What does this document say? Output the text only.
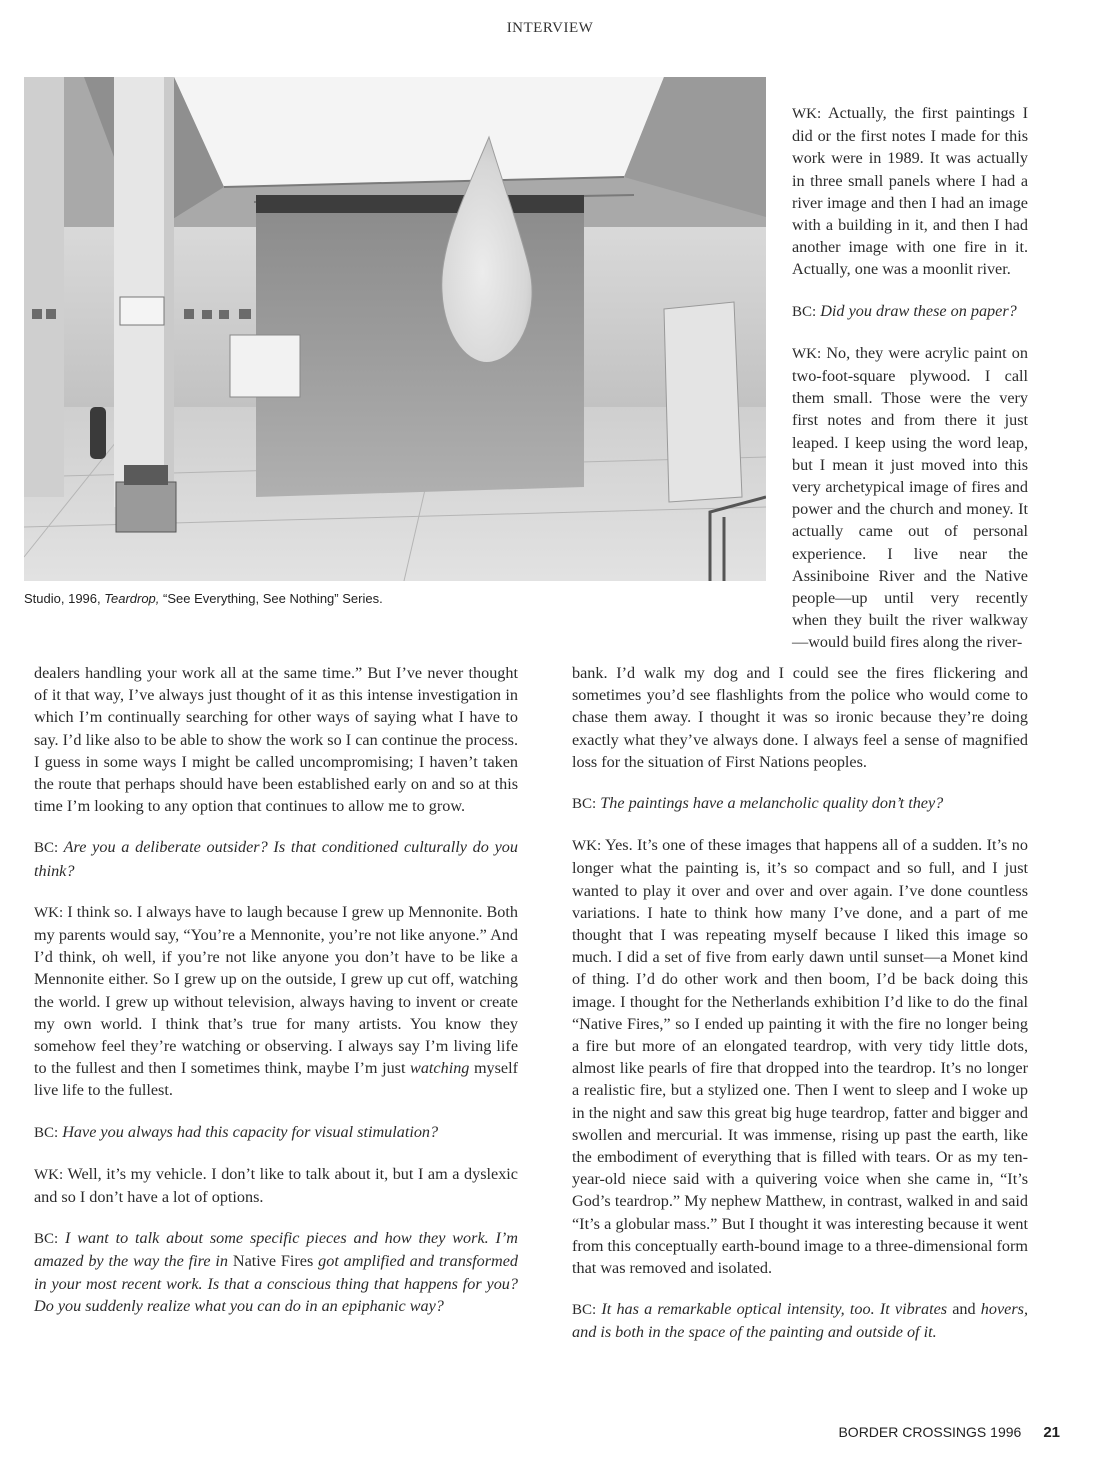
INTERVIEW
Studio, 1996, Teardrop, “See Everything, See Nothing” Series.

WK: Actually, the first paintings I did or the first notes I made for this work were in 1989. It was actually in three small panels where I had a river image and then I had an image with a building in it, and then I had another image with one fire in it. Actually, one was a moonlit river.

BC: Did you draw these on paper?

WK: No, they were acrylic paint on two-foot-square plywood. I call them small. Those were the very first notes and from there it just leaped. I keep using the word leap, but I mean it just moved into this very archetypical image of fires and power and the church and money. It actually came out of personal experience. I live near the Assiniboine River and the Native people—up until very recently when they built the river walkway—would build fires along the river-

dealers handling your work all at the same time.” But I’ve never thought of it that way, I’ve always just thought of it as this intense investigation in which I’m continually searching for other ways of saying what I have to say. I’d like also to be able to show the work so I can continue the process. I guess in some ways I might be called uncompromising; I haven’t taken the route that perhaps should have been established early on and so at this time I’m looking to any option that continues to allow me to grow.

BC: Are you a deliberate outsider? Is that conditioned culturally do you think?

WK: I think so. I always have to laugh because I grew up Mennonite. Both my parents would say, “You’re a Mennonite, you’re not like anyone.” And I’d think, oh well, if you’re not like anyone you don’t have to be like a Mennonite either. So I grew up on the outside, I grew up cut off, watching the world. I grew up without television, always having to invent or create my own world. I think that’s true for many artists. You know they somehow feel they’re watching or observing. I always say I’m living life to the fullest and then I sometimes think, maybe I’m just watching myself live life to the fullest.

BC: Have you always had this capacity for visual stimulation?

WK: Well, it’s my vehicle. I don’t like to talk about it, but I am a dyslexic and so I don’t have a lot of options.

BC: I want to talk about some specific pieces and how they work. I’m amazed by the way the fire in Native Fires got amplified and transformed in your most recent work. Is that a conscious thing that happens for you? Do you suddenly realize what you can do in an epiphanic way?

bank. I’d walk my dog and I could see the fires flickering and sometimes you’d see flashlights from the police who would come to chase them away. I thought it was so ironic because they’re doing exactly what they’ve always done. I always feel a sense of magnified loss for the situation of First Nations peoples.

BC: The paintings have a melancholic quality don’t they?

WK: Yes. It’s one of these images that happens all of a sudden. It’s no longer what the painting is, it’s so compact and so full, and I just wanted to play it over and over and over again. I’ve done countless variations. I hate to think how many I’ve done, and a part of me thought that I was repeating myself because I liked this image so much. I did a set of five from early dawn until sunset—a Monet kind of thing. I’d do other work and then boom, I’d be back doing this image. I thought for the Netherlands exhibition I’d like to do the final “Native Fires,” so I ended up painting it with the fire no longer being a fire but more of an elongated teardrop, with very tidy little dots, almost like pearls of fire that dropped into the teardrop. It’s no longer a realistic fire, but a stylized one. Then I went to sleep and I woke up in the night and saw this great big huge teardrop, fatter and bigger and swollen and mercurial. It was immense, rising up past the earth, like the embodiment of everything that is filled with tears. Or as my ten-year-old niece said with a quivering voice when she came in, “It’s God’s teardrop.” My nephew Matthew, in contrast, walked in and said “It’s a globular mass.” But I thought it was interesting because it went from this conceptually earth-bound image to a three-dimensional form that was removed and isolated.

BC: It has a remarkable optical intensity, too. It vibrates and hovers, and is both in the space of the painting and outside of it.

BORDER CROSSINGS 1996 21
